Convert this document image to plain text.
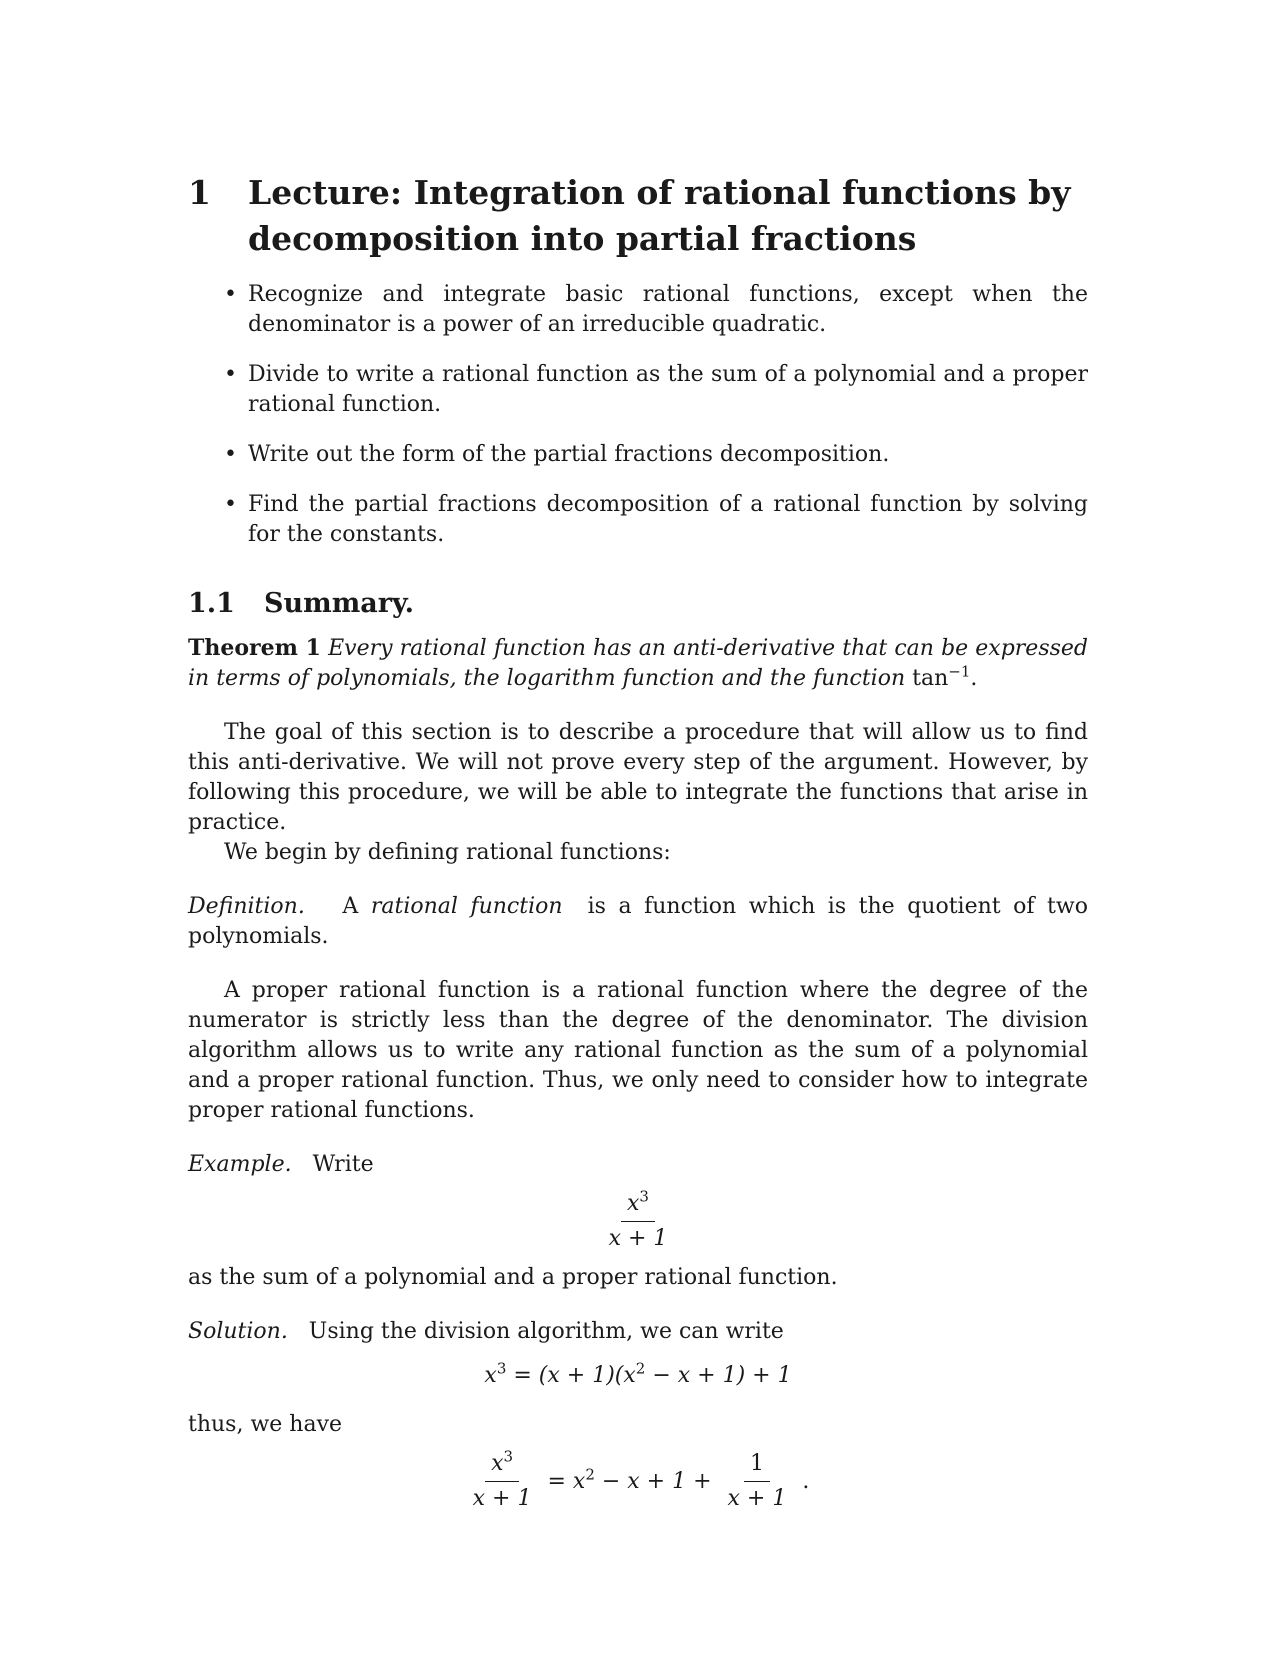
1	Lecture: Integration of rational functions by decomposition into partial fractions
• Recognize and integrate basic rational functions, except when the denominator is a power of an irreducible quadratic.
• Divide to write a rational function as the sum of a polynomial and a proper rational function.
• Write out the form of the partial fractions decomposition.
• Find the partial fractions decomposition of a rational function by solving for the constants.
1.1	Summary.

Theorem 1 Every rational function has an anti-derivative that can be expressed in terms of polynomials, the logarithm function and the function $\tan^{-1}$.

The goal of this section is to describe a procedure that will allow us to find this anti-derivative. We will not prove every step of the argument. However, by following this procedure, we will be able to integrate the functions that arise in practice.

We begin by defining rational functions:

Definition. A rational function is a function which is the quotient of two polynomials.

A proper rational function is a rational function where the degree of the numerator is strictly less than the degree of the denominator. The division algorithm allows us to write any rational function as the sum of a polynomial and a proper rational function. Thus, we only need to consider how to integrate proper rational functions.

Example. Write

$\frac{x^3}{x + 1}$

as the sum of a polynomial and a proper rational function.

Solution. Using the division algorithm, we can write

$x^3 = (x + 1)(x^2 - x + 1) + 1$

thus, we have

$\frac{x^3}{x + 1} = x^2 - x + 1 + \frac{1}{x + 1}$ .
